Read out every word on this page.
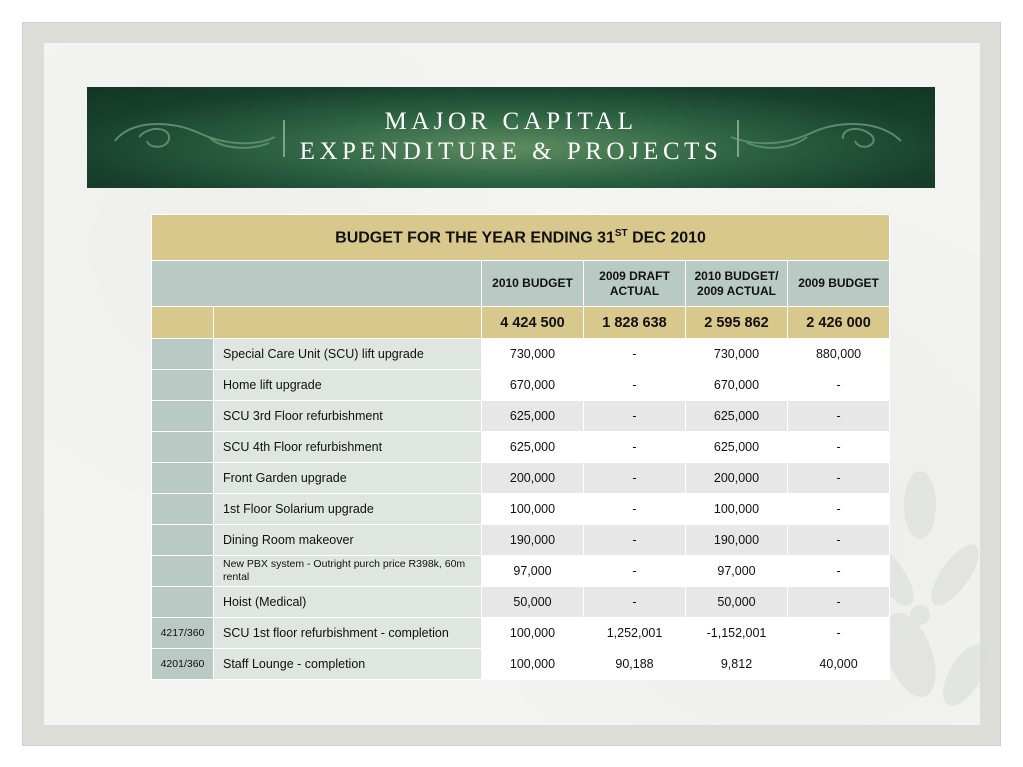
MAJOR CAPITAL
EXPENDITURE & PROJECTS
BUDGET FOR THE YEAR ENDING 31ST DEC 2010					
		2010 BUDGET	2009 DRAFT ACTUAL	2010 BUDGET/ 2009 ACTUAL	2009 BUDGET
		4 424 500	1 828 638	2 595 862	2 426 000
	Special Care Unit (SCU) lift upgrade	730,000	-	730,000	880,000
	Home lift upgrade	670,000	-	670,000	-
	SCU 3rd Floor refurbishment	625,000	-	625,000	-
	SCU 4th Floor refurbishment	625,000	-	625,000	-
	Front Garden upgrade	200,000	-	200,000	-
	1st Floor Solarium upgrade	100,000	-	100,000	-
	Dining Room makeover	190,000	-	190,000	-
	New PBX system - Outright purch price R398k, 60m rental	97,000	-	97,000	-
	Hoist (Medical)	50,000	-	50,000	-
4217/360	SCU 1st floor refurbishment - completion	100,000	1,252,001	-1,152,001	-
4201/360	Staff Lounge - completion	100,000	90,188	9,812	40,000
